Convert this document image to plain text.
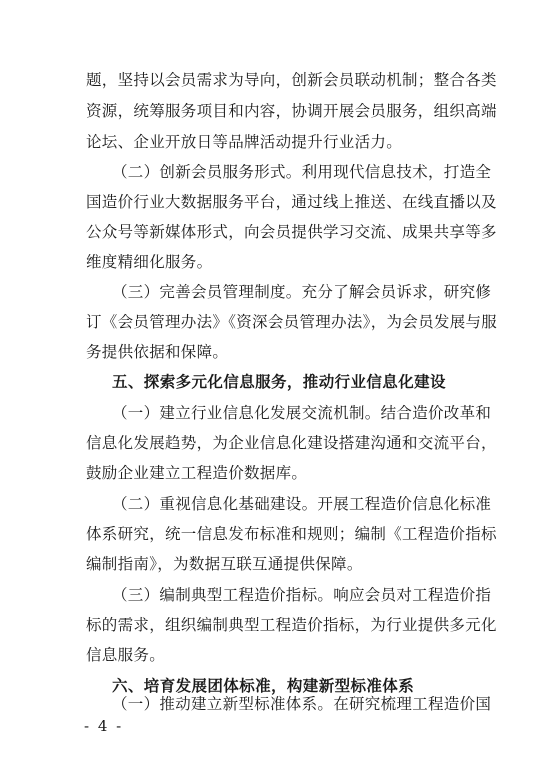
题，坚持以会员需求为导向，创新会员联动机制；整合各类
资源，统筹服务项目和内容，协调开展会员服务，组织高端
论坛、企业开放日等品牌活动提升行业活力。
（二）创新会员服务形式。利用现代信息技术，打造全
国造价行业大数据服务平台，通过线上推送、在线直播以及
公众号等新媒体形式，向会员提供学习交流、成果共享等多
维度精细化服务。
（三）完善会员管理制度。充分了解会员诉求，研究修
订《会员管理办法》《资深会员管理办法》，为会员发展与服
务提供依据和保障。
五、探索多元化信息服务，推动行业信息化建设
（一）建立行业信息化发展交流机制。结合造价改革和
信息化发展趋势，为企业信息化建设搭建沟通和交流平台，
鼓励企业建立工程造价数据库。
（二）重视信息化基础建设。开展工程造价信息化标准
体系研究，统一信息发布标准和规则；编制《工程造价指标
编制指南》，为数据互联互通提供保障。
（三）编制典型工程造价指标。响应会员对工程造价指
标的需求，组织编制典型工程造价指标，为行业提供多元化
信息服务。
六、培育发展团体标准，构建新型标准体系
（一）推动建立新型标准体系。在研究梳理工程造价国
- 4 -
